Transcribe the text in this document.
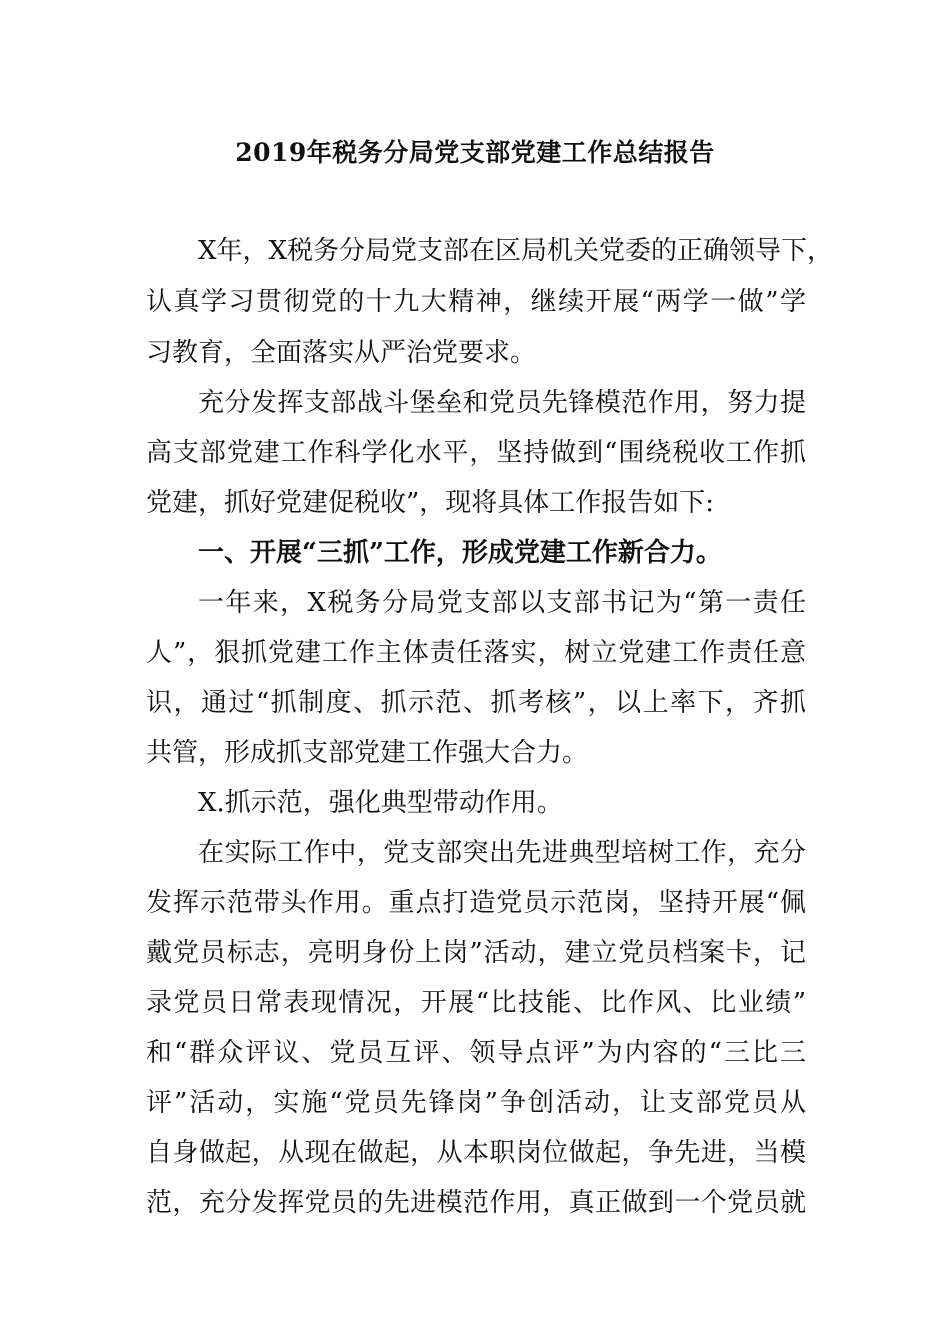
2019年税务分局党支部党建工作总结报告
X年，X税务分局党支部在区局机关党委的正确领导下，
认真学习贯彻党的十九大精神，继续开展“两学一做”学
习教育，全面落实从严治党要求。
充分发挥支部战斗堡垒和党员先锋模范作用，努力提
高支部党建工作科学化水平，坚持做到“围绕税收工作抓
党建，抓好党建促税收”，现将具体工作报告如下:
一、开展“三抓”工作，形成党建工作新合力。
一年来，X税务分局党支部以支部书记为“第一责任
人”，狠抓党建工作主体责任落实，树立党建工作责任意
识，通过“抓制度、抓示范、抓考核”，以上率下，齐抓
共管，形成抓支部党建工作强大合力。
X.抓示范，强化典型带动作用。
在实际工作中，党支部突出先进典型培树工作，充分
发挥示范带头作用。重点打造党员示范岗，坚持开展“佩
戴党员标志，亮明身份上岗”活动，建立党员档案卡，记
录党员日常表现情况，开展“比技能、比作风、比业绩”
和“群众评议、党员互评、领导点评”为内容的“三比三
评”活动，实施“党员先锋岗”争创活动，让支部党员从
自身做起，从现在做起，从本职岗位做起，争先进，当模
范，充分发挥党员的先进模范作用，真正做到一个党员就
